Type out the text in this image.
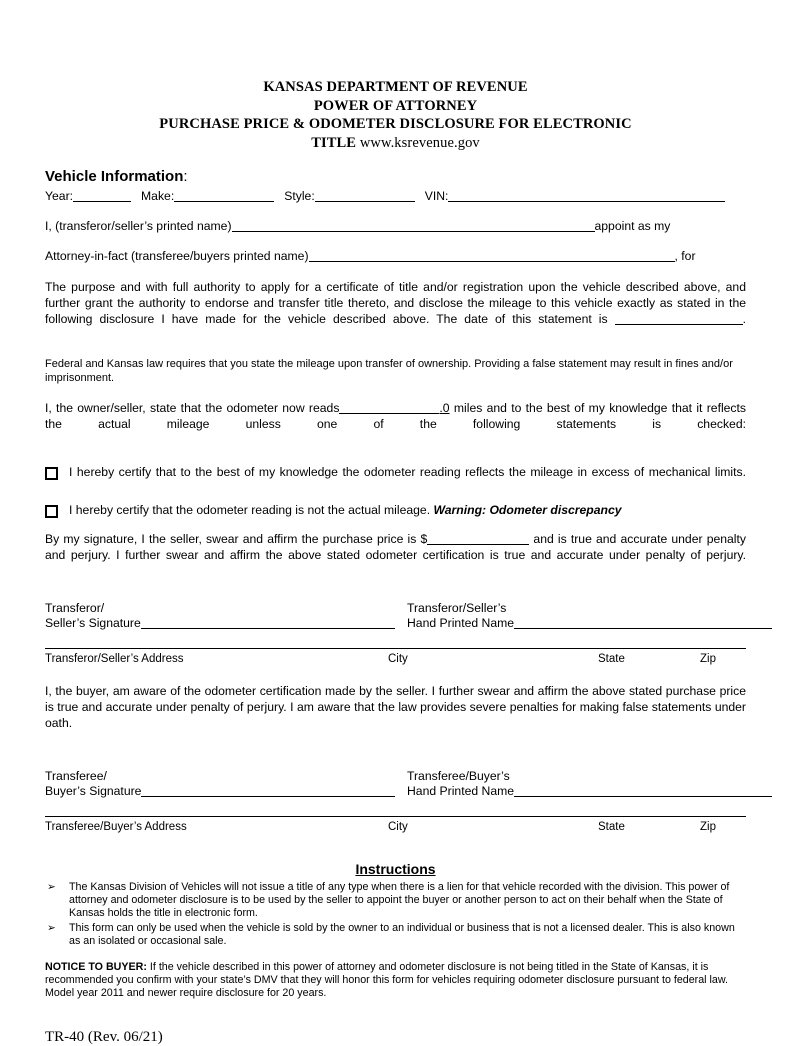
KANSAS DEPARTMENT OF REVENUE
POWER OF ATTORNEY
PURCHASE PRICE & ODOMETER DISCLOSURE FOR ELECTRONIC
TITLE www.ksrevenue.gov
Vehicle Information:
Year:	Make:	Style:	VIN:
I, (transferor/seller’s printed name)	appoint as my
Attorney-in-fact (transferee/buyers printed name)	, for
The purpose and with full authority to apply for a certificate of title and/or registration upon the vehicle described above, and further grant the authority to endorse and transfer title thereto, and disclose the mileage to this vehicle exactly as stated in the following disclosure I have made for the vehicle described above. The date of this statement is	.
Federal and Kansas law requires that you state the mileage upon transfer of ownership. Providing a false statement may result in fines and/or imprisonment.
I, the owner/seller, state that the odometer now reads	.0 miles and to the best of my knowledge that it reflects the actual mileage unless one of the following statements is checked:
I hereby certify that to the best of my knowledge the odometer reading reflects the mileage in excess of mechanical limits.
I hereby certify that the odometer reading is not the actual mileage. Warning: Odometer discrepancy
By my signature, I the seller, swear and affirm the purchase price is $	and is true and accurate under penalty and perjury. I further swear and affirm the above stated odometer certification is true and accurate under penalty of perjury.
Transferor/
Seller’s Signature
Transferor/Seller’s
Hand Printed Name
Transferor/Seller’s Address	City	State	Zip
I, the buyer, am aware of the odometer certification made by the seller. I further swear and affirm the above stated purchase price is true and accurate under penalty of perjury. I am aware that the law provides severe penalties for making false statements under oath.
Transferee/
Buyer’s Signature
Transferee/Buyer’s
Hand Printed Name
Transferee/Buyer’s Address	City	State	Zip
Instructions
➢	The Kansas Division of Vehicles will not issue a title of any type when there is a lien for that vehicle recorded with the division. This power of attorney and odometer disclosure is to be used by the seller to appoint the buyer or another person to act on their behalf when the State of Kansas holds the title in electronic form.
➢	This form can only be used when the vehicle is sold by the owner to an individual or business that is not a licensed dealer. This is also known as an isolated or occasional sale.
NOTICE TO BUYER: If the vehicle described in this power of attorney and odometer disclosure is not being titled in the State of Kansas, it is recommended you confirm with your state’s DMV that they will honor this form for vehicles requiring odometer disclosure pursuant to federal law. Model year 2011 and newer require disclosure for 20 years.
TR-40 (Rev. 06/21)
